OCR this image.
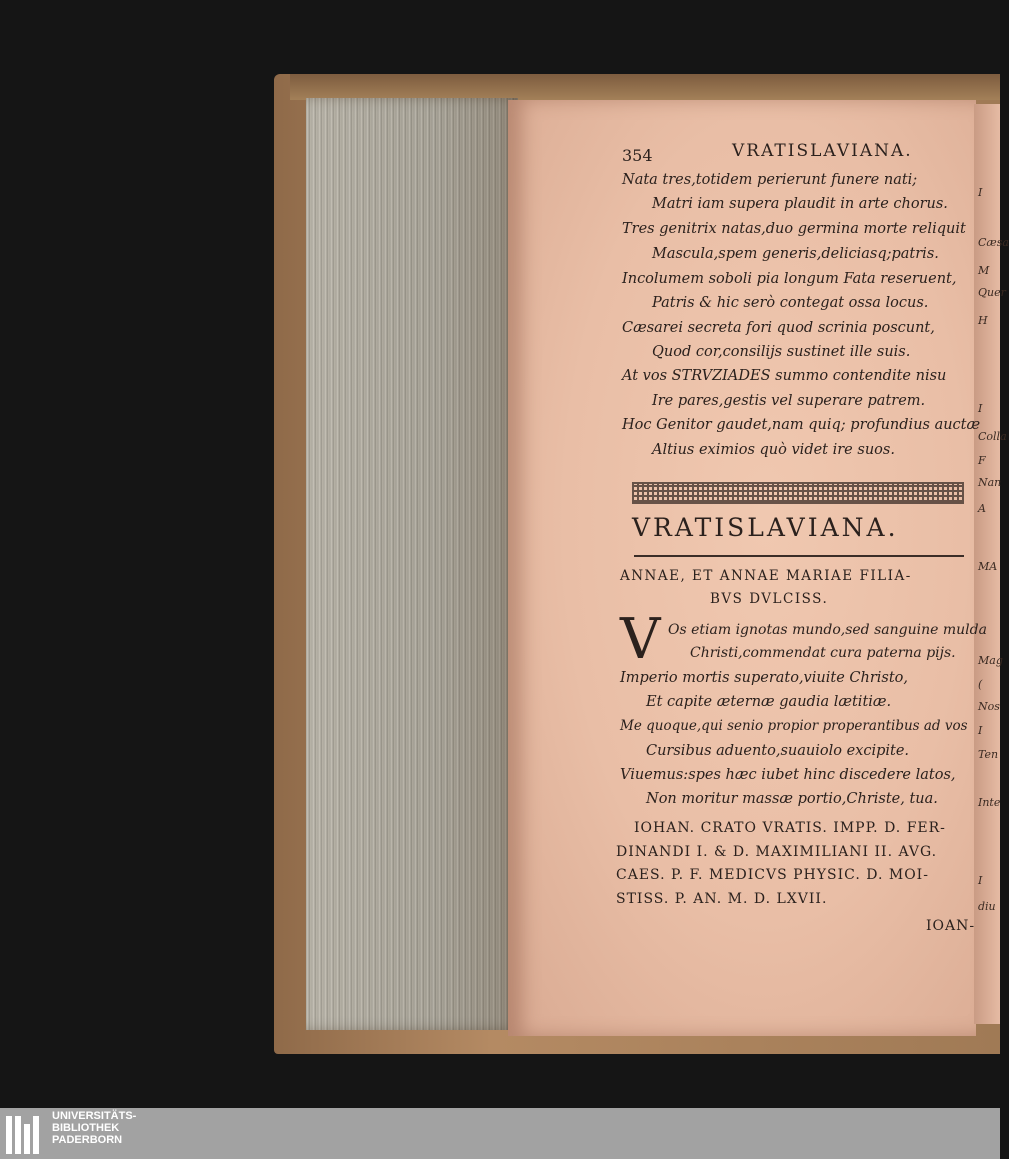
I
Cæsa
M
Quer
H
I
Colla
F
Nan
A
MA
Mag
(
Nos
I
Ten
Inte
I
diu
354	VRATISLAVIANA.
Nata tres,totidem perierunt funere nati;
Matri iam supera plaudit in arte chorus.
Tres genitrix natas,duo germina morte reliquit
Mascula,spem generis,deliciasq;patris.
Incolumem soboli pia longum Fata reseruent,
Patris & hic serò contegat ossa locus.
Cæsarei secreta fori quod scrinia poscunt,
Quod cor,consilijs sustinet ille suis.
At vos STRVZIADES summo contendite nisu
Ire pares,gestis vel superare patrem.
Hoc Genitor gaudet,nam quiq; profundius auctæ
Altius eximios quò videt ire suos.
VRATISLAVIANA.
ANNAE, ET ANNAE MARIAE FILIA-
BVS DVLCISS.
V Os etiam ignotas mundo,sed sanguine mulda
Christi,commendat cura paterna pijs.
Imperio mortis superato,viuite Christo,
Et capite æternæ gaudia lætitiæ.
Me quoque,qui senio propior properantibus ad vos
Cursibus aduento,suauiolo excipite.
Viuemus:spes hæc iubet hinc discedere latos,
Non moritur massæ portio,Christe, tua.
IOHAN. CRATO VRATIS. IMPP. D. FER-
DINANDI I. & D. MAXIMILIANI II. AVG.
CAES. P. F. MEDICVS PHYSIC. D. MOI-
STISS. P. AN. M. D. LXVII.
IOAN-
UNIVERSITÄTS-
BIBLIOTHEK
PADERBORN
